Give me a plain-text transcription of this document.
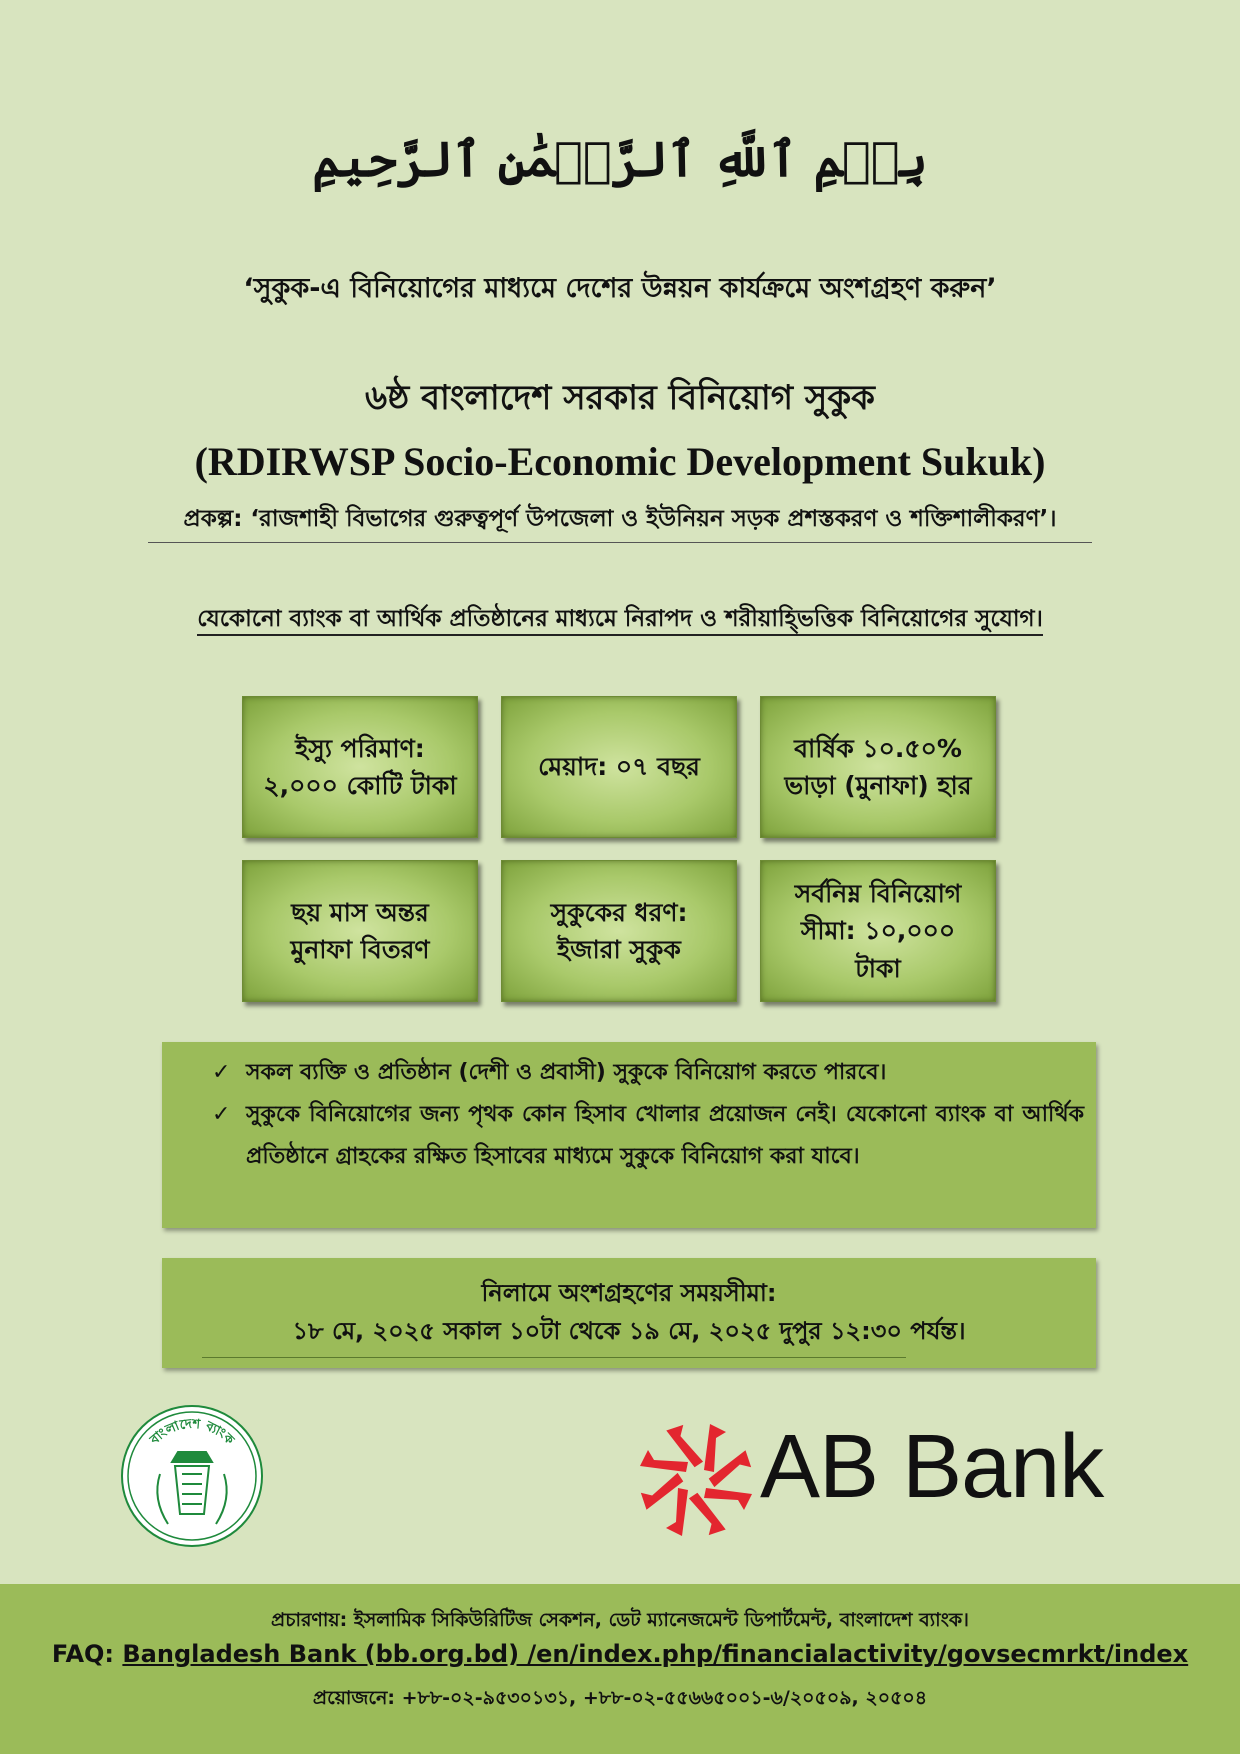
بِسۡمِ ٱللَّهِ ٱلرَّحۡمَٰنِ ٱلرَّحِيمِ
‘সুকুক-এ বিনিয়োগের মাধ্যমে দেশের উন্নয়ন কার্যক্রমে অংশগ্রহণ করুন’
৬ষ্ঠ বাংলাদেশ সরকার বিনিয়োগ সুকুক
(RDIRWSP Socio-Economic Development Sukuk)
প্রকল্প: ‘রাজশাহী বিভাগের গুরুত্বপূর্ণ উপজেলা ও ইউনিয়ন সড়ক প্রশস্তকরণ ও শক্তিশালীকরণ’।
যেকোনো ব্যাংক বা আর্থিক প্রতিষ্ঠানের মাধ্যমে নিরাপদ ও শরীয়াহ্ভিত্তিক বিনিয়োগের সুযোগ।
ইস্যু পরিমাণ:
২,০০০ কোটি টাকা
মেয়াদ: ০৭ বছর
বার্ষিক ১০.৫০%
ভাড়া (মুনাফা) হার
ছয় মাস অন্তর
মুনাফা বিতরণ
সুকুকের ধরণ:
ইজারা সুকুক
সর্বনিম্ন বিনিয়োগ
সীমা: ১০,০০০
টাকা
✓ সকল ব্যক্তি ও প্রতিষ্ঠান (দেশী ও প্রবাসী) সুকুকে বিনিয়োগ করতে পারবে।
✓ সুকুকে বিনিয়োগের জন্য পৃথক কোন হিসাব খোলার প্রয়োজন নেই। যেকোনো ব্যাংক বা আর্থিক প্রতিষ্ঠানে গ্রাহকের রক্ষিত হিসাবের মাধ্যমে সুকুকে বিনিয়োগ করা যাবে।
নিলামে অংশগ্রহণের সময়সীমা:
১৮ মে, ২০২৫ সকাল ১০টা থেকে ১৯ মে, ২০২৫ দুপুর ১২:৩০ পর্যন্ত।
বাংলাদেশ ব্যাংক	AB Bank
প্রচারণায়: ইসলামিক সিকিউরিটিজ সেকশন, ডেট ম্যানেজমেন্ট ডিপার্টমেন্ট, বাংলাদেশ ব্যাংক।
FAQ: Bangladesh Bank (bb.org.bd) /en/index.php/financialactivity/govsecmrkt/index
প্রয়োজনে: +৮৮-০২-৯৫৩০১৩১, +৮৮-০২-৫৫৬৬৫০০১-৬/২০৫০৯, ২০৫০৪
